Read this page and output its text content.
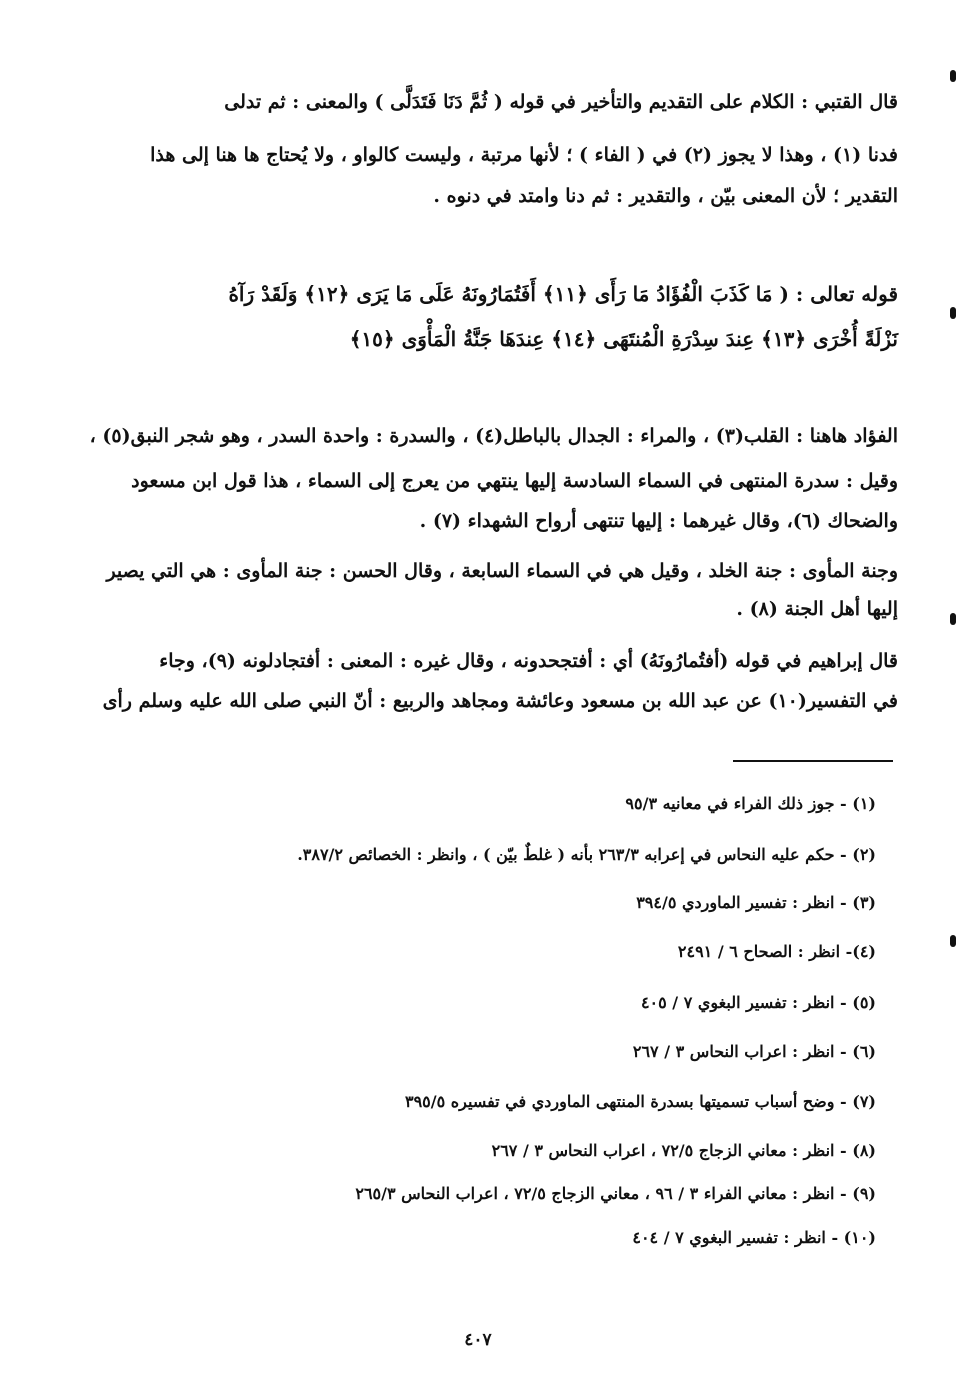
قال القتبي : الكلام على التقديم والتأخير في قوله ( ثُمَّ دَنَا فَتَدَلَّى ) والمعنى : ثم تدلى
فدنا (١) ، وهذا لا يجوز (٢) في ( الفاء ) ؛ لأنها مرتبة ، وليست كالواو ، ولا يُحتاج ها هنا إلى هذا
التقدير ؛ لأن المعنى بيّن ، والتقدير : ثم دنا وامتد في دنوه .
قوله تعالى : ( مَا كَذَبَ الْفُؤَادُ مَا رَأَى ﴿١١﴾ أَفَتُمَارُونَهُ عَلَى مَا يَرَى ﴿١٢﴾ وَلَقَدْ رَآهُ
نَزْلَةً أُخْرَى ﴿١٣﴾ عِندَ سِدْرَةِ الْمُنتَهَى ﴿١٤﴾ عِندَهَا جَنَّةُ الْمَأْوَى ﴿١٥﴾
الفؤاد هاهنا : القلب(٣) ، والمراء : الجدال بالباطل(٤) ، والسدرة : واحدة السدر ، وهو شجر النبق(٥) ،
وقيل : سدرة المنتهى في السماء السادسة إليها ينتهي من يعرج إلى السماء ، هذا قول ابن مسعود
والضحاك (٦)، وقال غيرهما : إليها تنتهى أرواح الشهداء (٧) .
وجنة المأوى : جنة الخلد ، وقيل هي في السماء السابعة ، وقال الحسن : جنة المأوى : هي التي يصير
إليها أهل الجنة (٨) .
قال إبراهيم في قوله (أفتُمارُونَهُ) أي : أفتجحدونه ، وقال غيره : المعنى : أفتجادلونه (٩)، وجاء
في التفسير(١٠) عن عبد الله بن مسعود وعائشة ومجاهد والربيع : أنّ النبي صلى الله عليه وسلم رأى
(١) - جوز ذلك الفراء في معانيه ٩٥/٣
(٢) - حكم عليه النحاس في إعرابه ٢٦٣/٣ بأنه ( غلطٌ بيّن ) ، وانظر : الخصائص ٣٨٧/٢.
(٣) - انظر : تفسير الماوردي ٣٩٤/٥
(٤)- انظر : الصحاح ٦ / ٢٤٩١
(٥) - انظر : تفسير البغوي ٧ / ٤٠٥
(٦) - انظر : اعراب النحاس ٣ / ٢٦٧
(٧) - وضح أسباب تسميتها بسدرة المنتهى الماوردي في تفسيره ٣٩٥/٥
(٨) - انظر : معاني الزجاج ٧٢/٥ ، اعراب النحاس ٣ / ٢٦٧
(٩) - انظر : معاني الفراء ٣ / ٩٦ ، معاني الزجاج ٧٢/٥ ، اعراب النحاس ٢٦٥/٣
(١٠) - انظر : تفسير البغوي ٧ / ٤٠٤
٤٠٧
